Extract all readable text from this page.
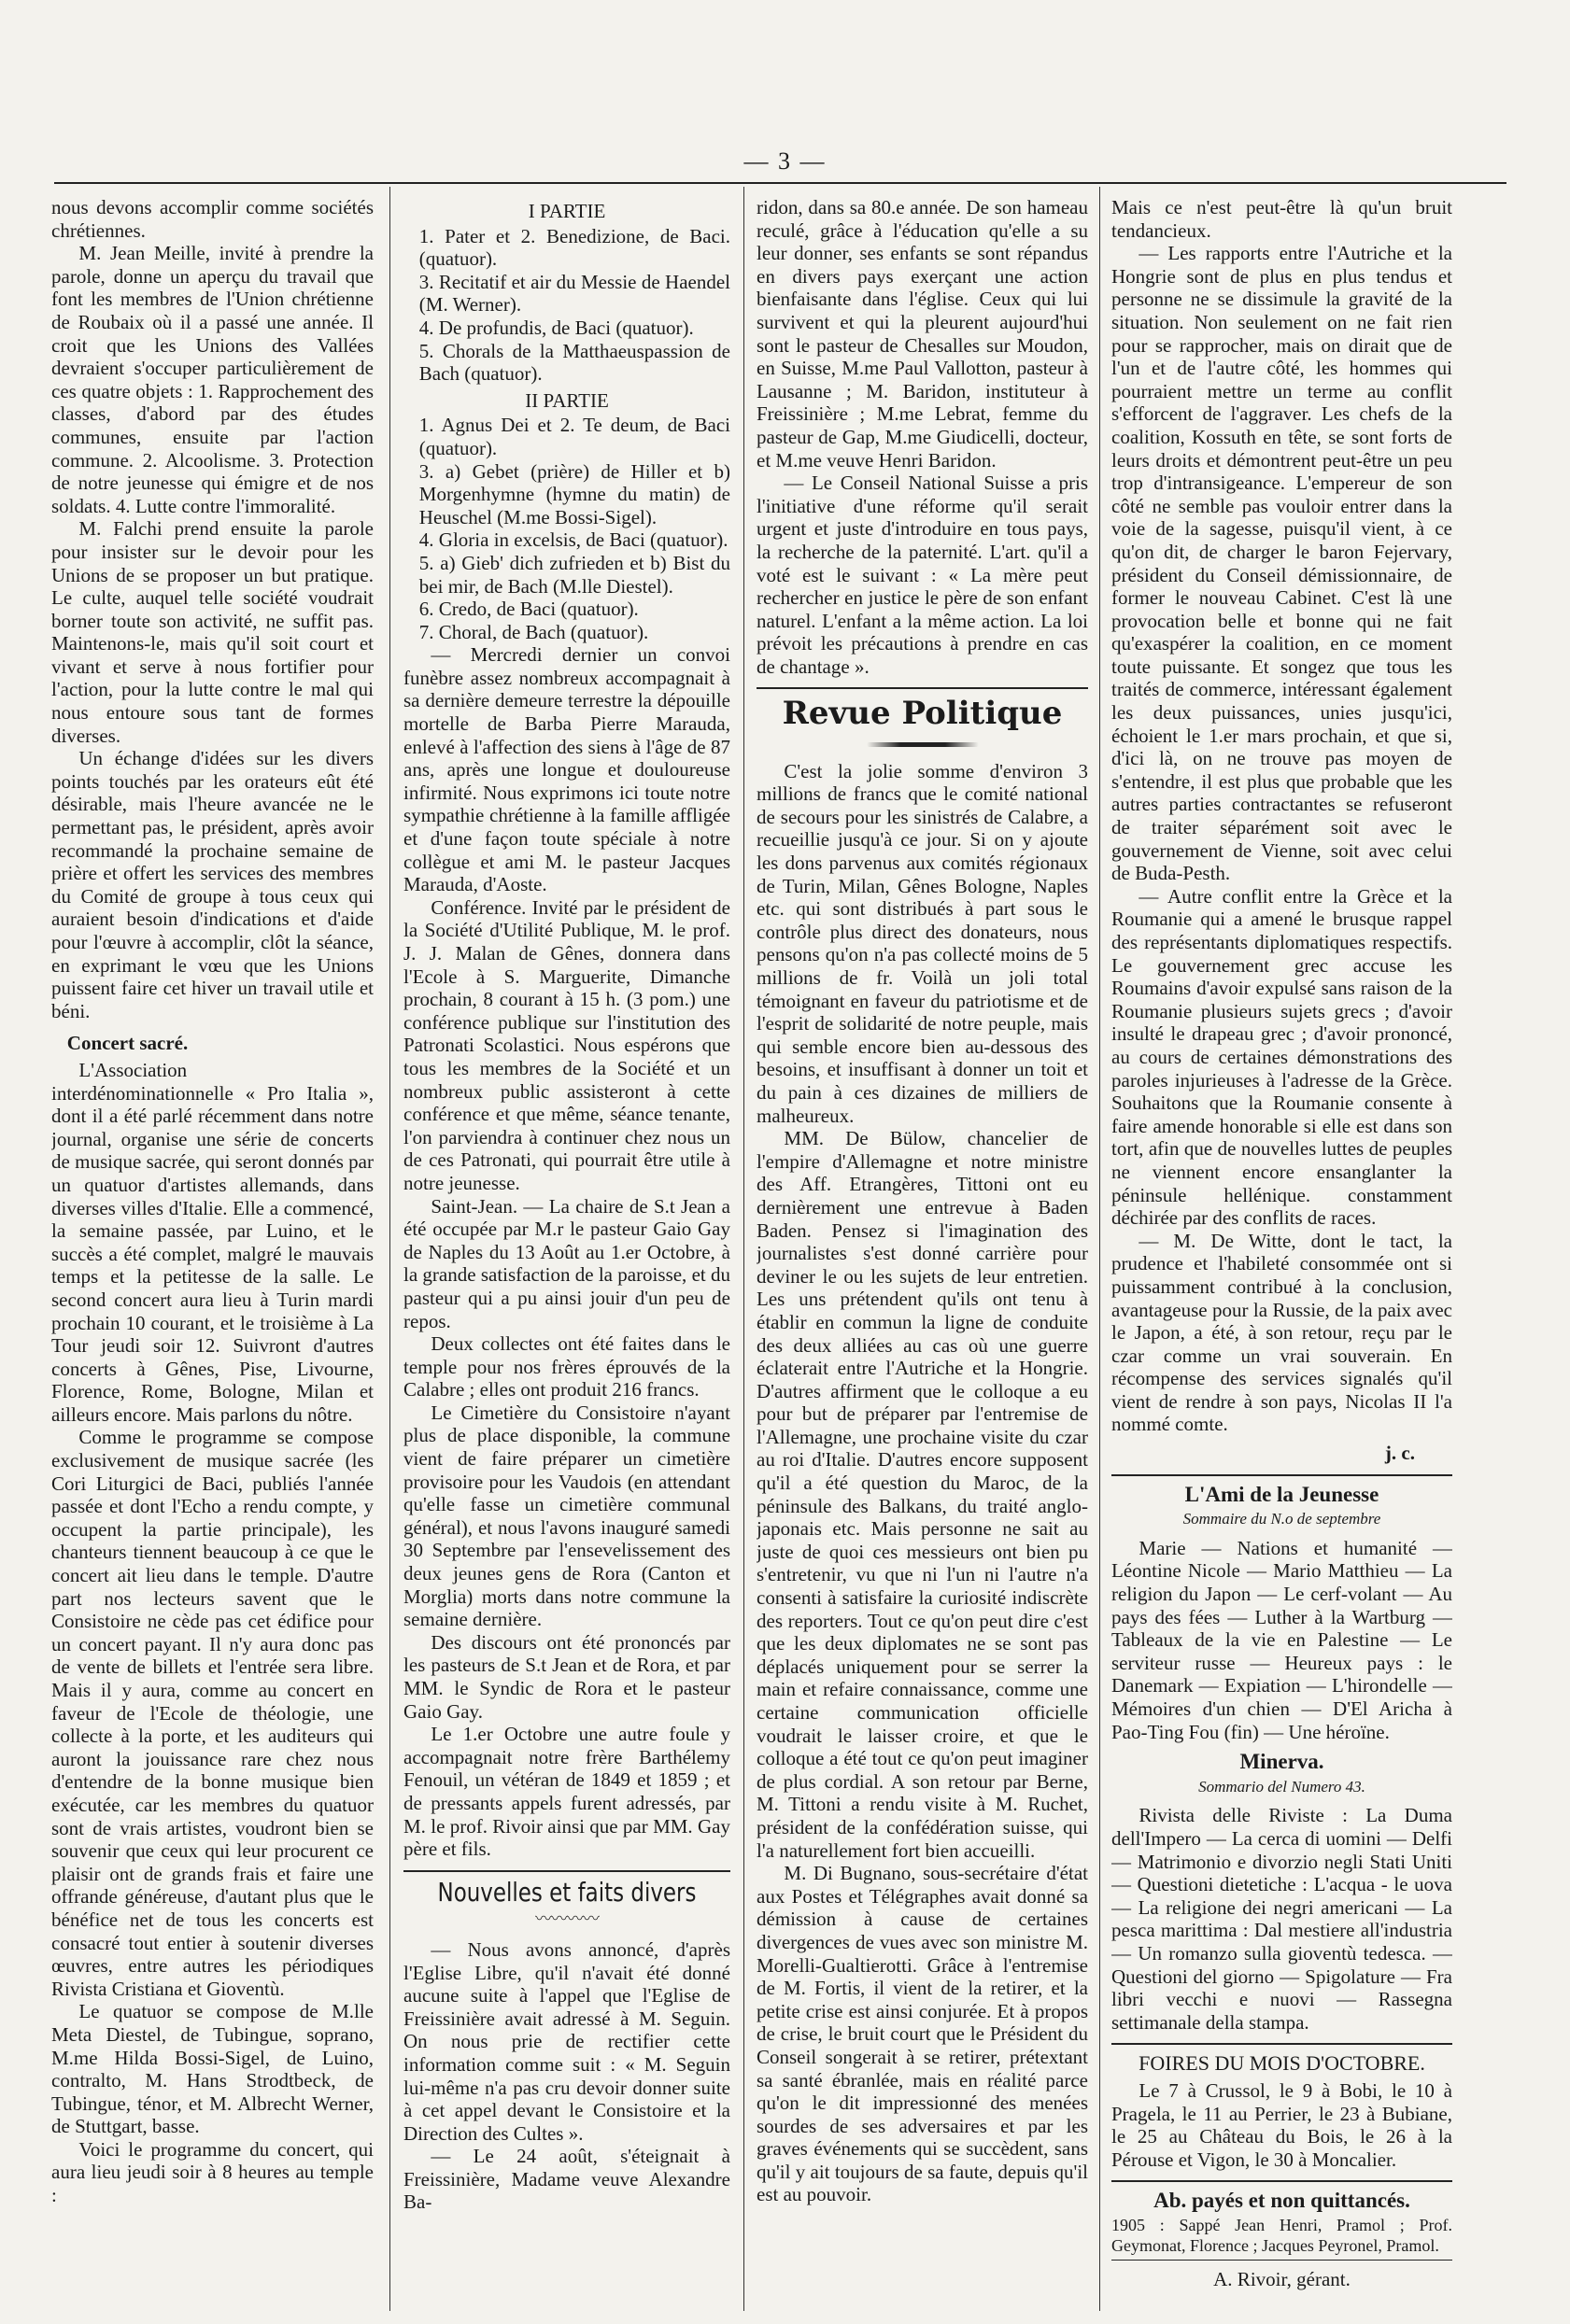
— 3 —

nous devons accomplir comme sociétés chrétiennes.

M. Jean Meille, invité à prendre la parole, donne un aperçu du travail que font les membres de l'Union chrétienne de Roubaix où il a passé une année. Il croit que les Unions des Vallées devraient s'occuper particulièrement de ces quatre objets : 1. Rapprochement des classes, d'abord par des études communes, ensuite par l'action commune. 2. Alcoolisme. 3. Protection de notre jeunesse qui émigre et de nos soldats. 4. Lutte contre l'immoralité.

M. Falchi prend ensuite la parole pour insister sur le devoir pour les Unions de se proposer un but pratique. Le culte, auquel telle société voudrait borner toute son activité, ne suffit pas. Maintenons-le, mais qu'il soit court et vivant et serve à nous fortifier pour l'action, pour la lutte contre le mal qui nous entoure sous tant de formes diverses.

Un échange d'idées sur les divers points touchés par les orateurs eût été désirable, mais l'heure avancée ne le permettant pas, le président, après avoir recommandé la prochaine semaine de prière et offert les services des membres du Comité de groupe à tous ceux qui auraient besoin d'indications et d'aide pour l'œuvre à accomplir, clôt la séance, en exprimant le vœu que les Unions puissent faire cet hiver un travail utile et béni.

Concert sacré.

L'Association interdénominationnelle « Pro Italia », dont il a été parlé récemment dans notre journal, organise une série de concerts de musique sacrée, qui seront donnés par un quatuor d'artistes allemands, dans diverses villes d'Italie. Elle a commencé, la semaine passée, par Luino, et le succès a été complet, malgré le mauvais temps et la petitesse de la salle. Le second concert aura lieu à Turin mardi prochain 10 courant, et le troisième à La Tour jeudi soir 12. Suivront d'autres concerts à Gênes, Pise, Livourne, Florence, Rome, Bologne, Milan et ailleurs encore. Mais parlons du nôtre.

Comme le programme se compose exclusivement de musique sacrée (les Cori Liturgici de Baci, publiés l'année passée et dont l'Echo a rendu compte, y occupent la partie principale), les chanteurs tiennent beaucoup à ce que le concert ait lieu dans le temple. D'autre part nos lecteurs savent que le Consistoire ne cède pas cet édifice pour un concert payant. Il n'y aura donc pas de vente de billets et l'entrée sera libre. Mais il y aura, comme au concert en faveur de l'Ecole de théologie, une collecte à la porte, et les auditeurs qui auront la jouissance rare chez nous d'entendre de la bonne musique bien exécutée, car les membres du quatuor sont de vrais artistes, voudront bien se souvenir que ceux qui leur procurent ce plaisir ont de grands frais et faire une offrande généreuse, d'autant plus que le bénéfice net de tous les concerts est consacré tout entier à soutenir diverses œuvres, entre autres les périodiques Rivista Cristiana et Gioventù.

Le quatuor se compose de M.lle Meta Diestel, de Tubingue, soprano, M.me Hilda Bossi-Sigel, de Luino, contralto, M. Hans Strodtbeck, de Tubingue, ténor, et M. Albrecht Werner, de Stuttgart, basse.

Voici le programme du concert, qui aura lieu jeudi soir à 8 heures au temple :

I PARTIE

1. Pater et 2. Benedizione, de Baci. (quatuor).

3. Recitatif et air du Messie de Haendel (M. Werner).

4. De profundis, de Baci (quatuor).

5. Chorals de la Matthaeuspassion de Bach (quatuor).

II PARTIE

1. Agnus Dei et 2. Te deum, de Baci (quatuor).

3. a) Gebet (prière) de Hiller et b) Morgenhymne (hymne du matin) de Heuschel (M.me Bossi-Sigel).

4. Gloria in excelsis, de Baci (quatuor).

5. a) Gieb' dich zufrieden et b) Bist du bei mir, de Bach (M.lle Diestel).

6. Credo, de Baci (quatuor).

7. Choral, de Bach (quatuor).

— Mercredi dernier un convoi funèbre assez nombreux accompagnait à sa dernière demeure terrestre la dépouille mortelle de Barba Pierre Marauda, enlevé à l'affection des siens à l'âge de 87 ans, après une longue et douloureuse infirmité. Nous exprimons ici toute notre sympathie chrétienne à la famille affligée et d'une façon toute spéciale à notre collègue et ami M. le pasteur Jacques Marauda, d'Aoste.

Conférence. Invité par le président de la Société d'Utilité Publique, M. le prof. J. J. Malan de Gênes, donnera dans l'Ecole à S. Marguerite, Dimanche prochain, 8 courant à 15 h. (3 pom.) une conférence publique sur l'institution des Patronati Scolastici. Nous espérons que tous les membres de la Société et un nombreux public assisteront à cette conférence et que même, séance tenante, l'on parviendra à continuer chez nous un de ces Patronati, qui pourrait être utile à notre jeunesse.

Saint-Jean. — La chaire de S.t Jean a été occupée par M.r le pasteur Gaio Gay de Naples du 13 Août au 1.er Octobre, à la grande satisfaction de la paroisse, et du pasteur qui a pu ainsi jouir d'un peu de repos.

Deux collectes ont été faites dans le temple pour nos frères éprouvés de la Calabre ; elles ont produit 216 francs.

Le Cimetière du Consistoire n'ayant plus de place disponible, la commune vient de faire préparer un cimetière provisoire pour les Vaudois (en attendant qu'elle fasse un cimetière communal général), et nous l'avons inauguré samedi 30 Septembre par l'ensevelissement des deux jeunes gens de Rora (Canton et Morglia) morts dans notre commune la semaine dernière.

Des discours ont été prononcés par les pasteurs de S.t Jean et de Rora, et par MM. le Syndic de Rora et le pasteur Gaio Gay.

Le 1.er Octobre une autre foule y accompagnait notre frère Barthélemy Fenouil, un vétéran de 1849 et 1859 ; et de pressants appels furent adressés, par M. le prof. Rivoir ainsi que par MM. Gay père et fils.

Nouvelles et faits divers
〰〰〰〰

— Nous avons annoncé, d'après l'Eglise Libre, qu'il n'avait été donné aucune suite à l'appel que l'Eglise de Freissinière avait adressé à M. Seguin. On nous prie de rectifier cette information comme suit : « M. Seguin lui-même n'a pas cru devoir donner suite à cet appel devant le Consistoire et la Direction des Cultes ».

— Le 24 août, s'éteignait à Freissinière, Madame veuve Alexandre Ba-

ridon, dans sa 80.e année. De son hameau reculé, grâce à l'éducation qu'elle a su leur donner, ses enfants se sont répandus en divers pays exerçant une action bienfaisante dans l'église. Ceux qui lui survivent et qui la pleurent aujourd'hui sont le pasteur de Chesalles sur Moudon, en Suisse, M.me Paul Vallotton, pasteur à Lausanne ; M. Baridon, instituteur à Freissinière ; M.me Lebrat, femme du pasteur de Gap, M.me Giudicelli, docteur, et M.me veuve Henri Baridon.

— Le Conseil National Suisse a pris l'initiative d'une réforme qu'il serait urgent et juste d'introduire en tous pays, la recherche de la paternité. L'art. qu'il a voté est le suivant : « La mère peut rechercher en justice le père de son enfant naturel. L'enfant a la même action. La loi prévoit les précautions à prendre en cas de chantage ».

Revue Politique

C'est la jolie somme d'environ 3 millions de francs que le comité national de secours pour les sinistrés de Calabre, a recueillie jusqu'à ce jour. Si on y ajoute les dons parvenus aux comités régionaux de Turin, Milan, Gênes Bologne, Naples etc. qui sont distribués à part sous le contrôle plus direct des donateurs, nous pensons qu'on n'a pas collecté moins de 5 millions de fr. Voilà un joli total témoignant en faveur du patriotisme et de l'esprit de solidarité de notre peuple, mais qui semble encore bien au-dessous des besoins, et insuffisant à donner un toit et du pain à ces dizaines de milliers de malheureux.

MM. De Bülow, chancelier de l'empire d'Allemagne et notre ministre des Aff. Etrangères, Tittoni ont eu dernièrement une entrevue à Baden Baden. Pensez si l'imagination des journalistes s'est donné carrière pour deviner le ou les sujets de leur entretien. Les uns prétendent qu'ils ont tenu à établir en commun la ligne de conduite des deux alliées au cas où une guerre éclaterait entre l'Autriche et la Hongrie. D'autres affirment que le colloque a eu pour but de préparer par l'entremise de l'Allemagne, une prochaine visite du czar au roi d'Italie. D'autres encore supposent qu'il a été question du Maroc, de la péninsule des Balkans, du traité anglo-japonais etc. Mais personne ne sait au juste de quoi ces messieurs ont bien pu s'entretenir, vu que ni l'un ni l'autre n'a consenti à satisfaire la curiosité indiscrète des reporters. Tout ce qu'on peut dire c'est que les deux diplomates ne se sont pas déplacés uniquement pour se serrer la main et refaire connaissance, comme une certaine communication officielle voudrait le laisser croire, et que le colloque a été tout ce qu'on peut imaginer de plus cordial. A son retour par Berne, M. Tittoni a rendu visite à M. Ruchet, président de la confédération suisse, qui l'a naturellement fort bien accueilli.

M. Di Bugnano, sous-secrétaire d'état aux Postes et Télégraphes avait donné sa démission à cause de certaines divergences de vues avec son ministre M. Morelli-Gualtierotti. Grâce à l'entremise de M. Fortis, il vient de la retirer, et la petite crise est ainsi conjurée. Et à propos de crise, le bruit court que le Président du Conseil songerait à se retirer, prétextant sa santé ébranlée, mais en réalité parce qu'on le dit impressionné des menées sourdes de ses adversaires et par les graves événements qui se succèdent, sans qu'il y ait toujours de sa faute, depuis qu'il est au pouvoir.

Mais ce n'est peut-être là qu'un bruit tendancieux.

— Les rapports entre l'Autriche et la Hongrie sont de plus en plus tendus et personne ne se dissimule la gravité de la situation. Non seulement on ne fait rien pour se rapprocher, mais on dirait que de l'un et de l'autre côté, les hommes qui pourraient mettre un terme au conflit s'efforcent de l'aggraver. Les chefs de la coalition, Kossuth en tête, se sont forts de leurs droits et démontrent peut-être un peu trop d'intransigeance. L'empereur de son côté ne semble pas vouloir entrer dans la voie de la sagesse, puisqu'il vient, à ce qu'on dit, de charger le baron Fejervary, président du Conseil démissionnaire, de former le nouveau Cabinet. C'est là une provocation belle et bonne qui ne fait qu'exaspérer la coalition, en ce moment toute puissante. Et songez que tous les traités de commerce, intéressant également les deux puissances, unies jusqu'ici, échoient le 1.er mars prochain, et que si, d'ici là, on ne trouve pas moyen de s'entendre, il est plus que probable que les autres parties contractantes se refuseront de traiter séparément soit avec le gouvernement de Vienne, soit avec celui de Buda-Pesth.

— Autre conflit entre la Grèce et la Roumanie qui a amené le brusque rappel des représentants diplomatiques respectifs. Le gouvernement grec accuse les Roumains d'avoir expulsé sans raison de la Roumanie plusieurs sujets grecs ; d'avoir insulté le drapeau grec ; d'avoir prononcé, au cours de certaines démonstrations des paroles injurieuses à l'adresse de la Grèce. Souhaitons que la Roumanie consente à faire amende honorable si elle est dans son tort, afin que de nouvelles luttes de peuples ne viennent encore ensanglanter la péninsule hellénique. constamment déchirée par des conflits de races.

— M. De Witte, dont le tact, la prudence et l'habileté consommée ont si puissamment contribué à la conclusion, avantageuse pour la Russie, de la paix avec le Japon, a été, à son retour, reçu par le czar comme un vrai souverain. En récompense des services signalés qu'il vient de rendre à son pays, Nicolas II l'a nommé comte.

j. c.
L'Ami de la Jeunesse
Sommaire du N.o de septembre

Marie — Nations et humanité — Léontine Nicole — Mario Matthieu — La religion du Japon — Le cerf-volant — Au pays des fées — Luther à la Wartburg — Tableaux de la vie en Palestine — Le serviteur russe — Heureux pays : le Danemark — Expiation — L'hirondelle — Mémoires d'un chien — D'El Aricha à Pao-Ting Fou (fin) — Une héroïne.

Minerva.
Sommario del Numero 43.

Rivista delle Riviste : La Duma dell'Impero — La cerca di uomini — Delfi — Matrimonio e divorzio negli Stati Uniti — Questioni dietetiche : L'acqua - le uova — La religione dei negri americani — La pesca marittima : Dal mestiere all'industria — Un romanzo sulla gioventù tedesca. — Questioni del giorno — Spigolature — Fra libri vecchi e nuovi — Rassegna settimanale della stampa.

FOIRES DU MOIS D'OCTOBRE.

Le 7 à Crussol, le 9 à Bobi, le 10 à Pragela, le 11 au Perrier, le 23 à Bubiane, le 25 au Château du Bois, le 26 à la Pérouse et Vigon, le 30 à Moncalier.

Ab. payés et non quittancés.

1905 : Sappé Jean Henri, Pramol ; Prof. Geymonat, Florence ; Jacques Peyronel, Pramol.

A. Rivoir, gérant.
